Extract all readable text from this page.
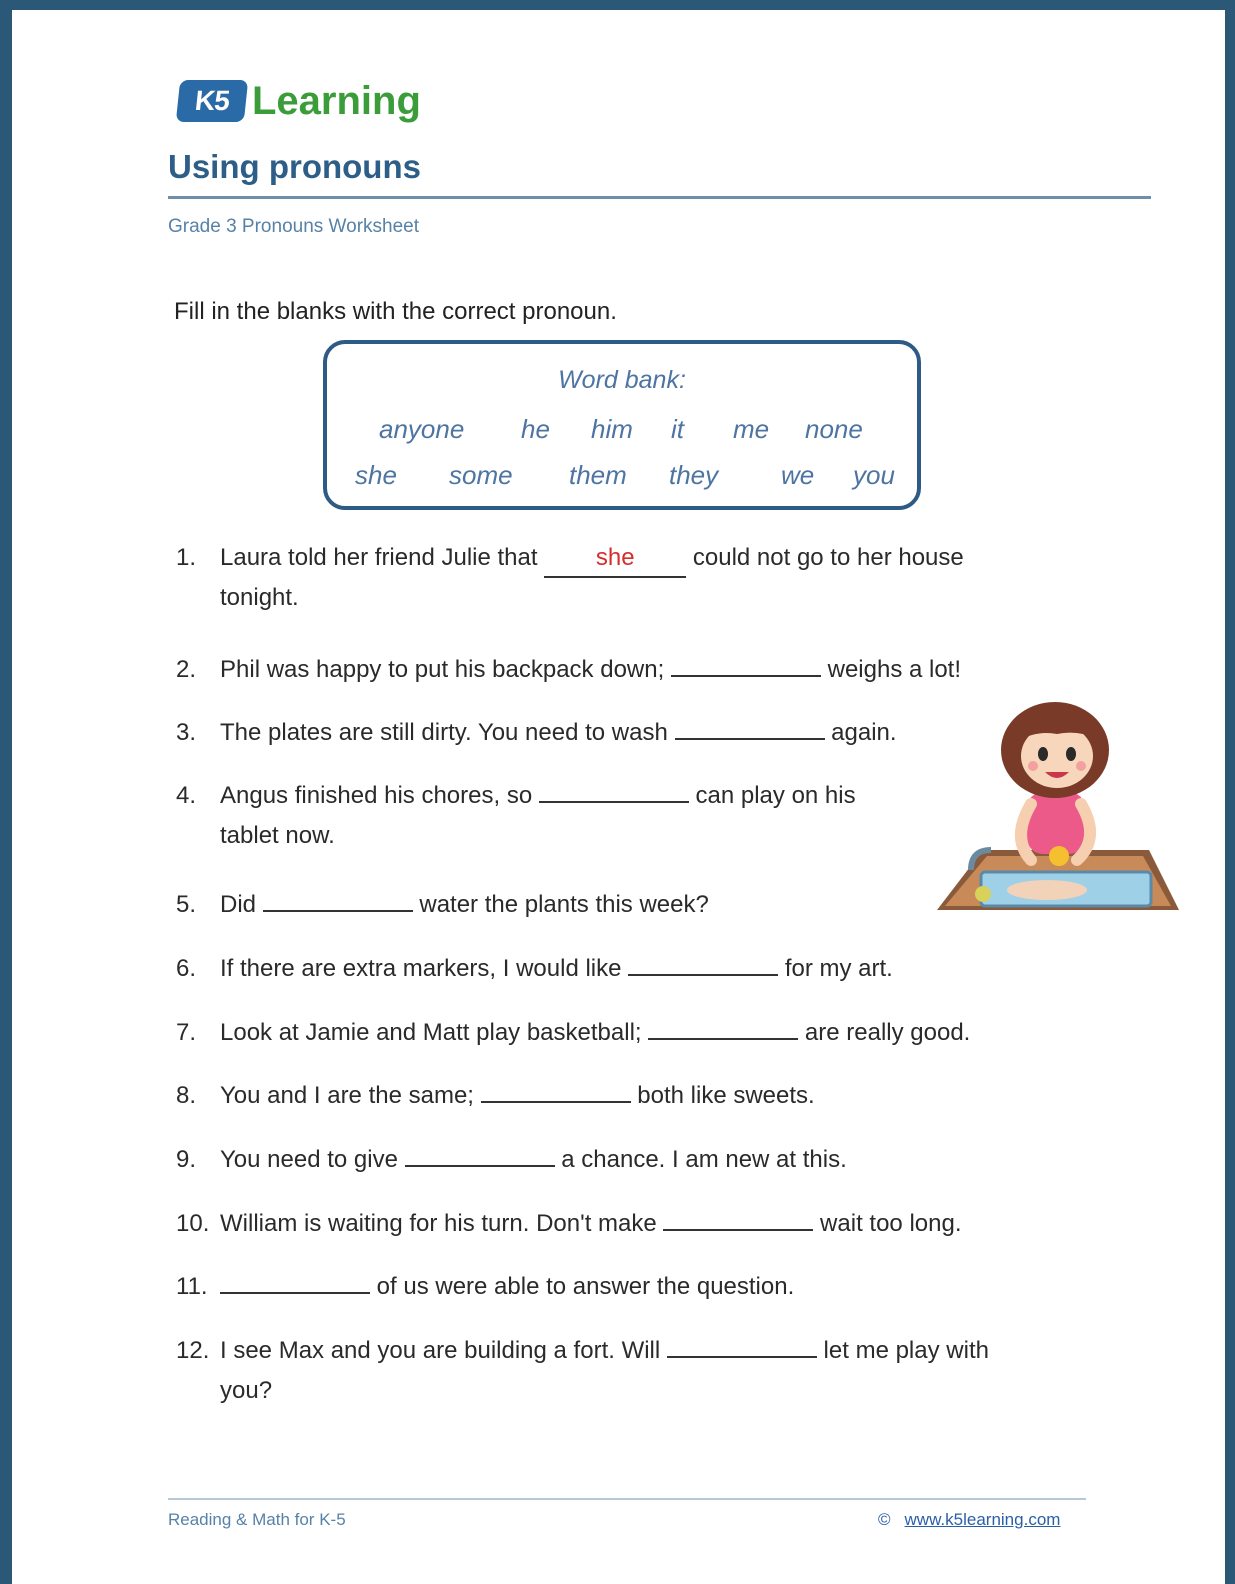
K5 Learning
Using pronouns
Grade 3 Pronouns Worksheet
Fill in the blanks with the correct pronoun.
Word bank:
anyone he him it me none
she some them they we you
1. Laura told her friend Julie that she could not go to her house
tonight.
2. Phil was happy to put his backpack down;	weighs a lot!
3. The plates are still dirty. You need to wash	again.
4. Angus finished his chores, so	can play on his
tablet now.
5. Did	water the plants this week?
6. If there are extra markers, I would like	for my art.
7. Look at Jamie and Matt play basketball;	are really good.
8. You and I are the same;	both like sweets.
9. You need to give	a chance. I am new at this.
10. William is waiting for his turn. Don't make	wait too long.
11.	of us were able to answer the question.
12. I see Max and you are building a fort. Will	let me play with
you?
Reading & Math for K-5	© www.k5learning.com
